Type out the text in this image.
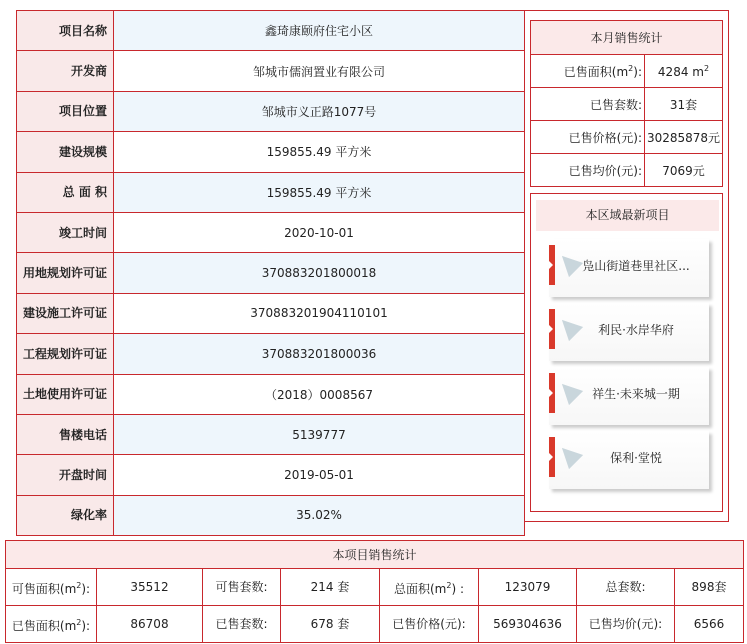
项目名称	鑫琦康颐府住宅小区
开发商	邹城市儒润置业有限公司
项目位置	邹城市义正路1077号
建设规模	159855.49 平方米
总 面 积	159855.49 平方米
竣工时间	2020-10-01
用地规划许可证	370883201800018
建设施工许可证	370883201904110101
工程规划许可证	370883201800036
土地使用许可证	（2018）0008567
售楼电话	5139777
开盘时间	2019-05-01
绿化率	35.02%
本月销售统计	
已售面积$(m^2)$:	4284 $m^2$
已售套数:	31套
已售价格(元):	30285878元
已售均价(元):	7069元
本区域最新项目
凫山街道巷里社区...
利民·水岸华府
祥生·未来城一期
保利·堂悦
本项目销售统计							
可售面积$(m^2)$:	35512	可售套数:	214 套	总面积$(m^2)$ :	123079	总套数:	898套
已售面积$(m^2)$:	86708	已售套数:	678 套	已售价格(元):	569304636	已售均价(元):	6566
